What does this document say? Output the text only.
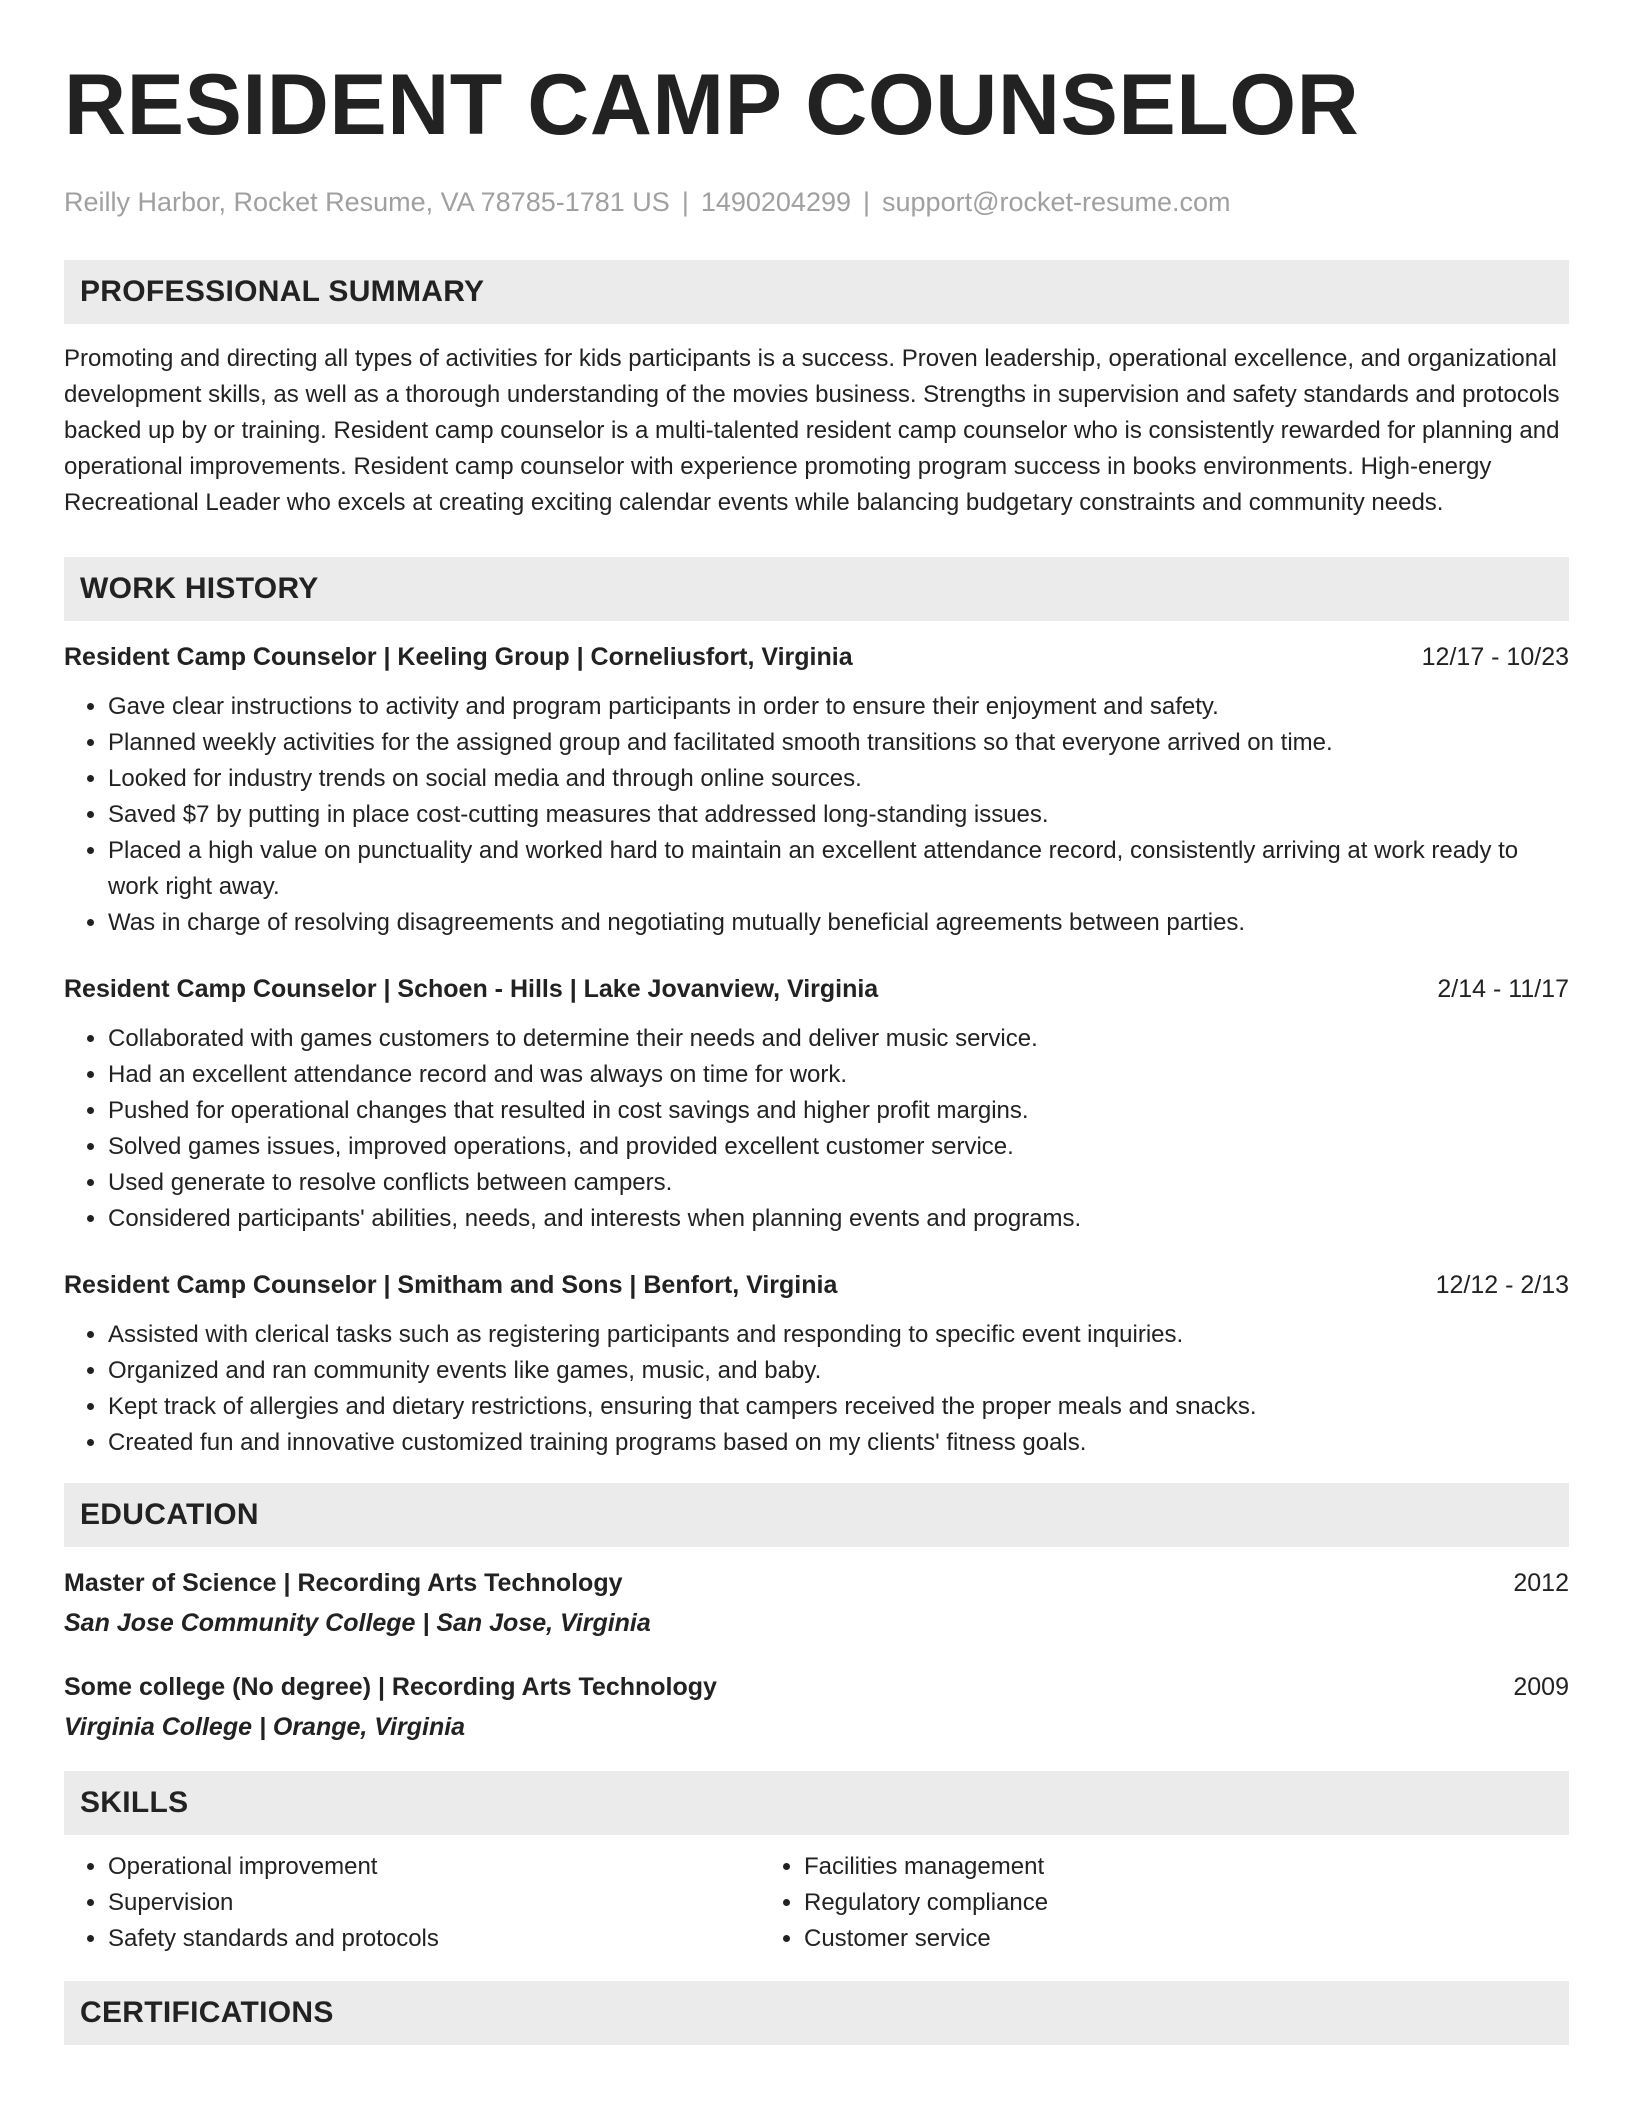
RESIDENT CAMP COUNSELOR
Reilly Harbor, Rocket Resume, VA 78785-1781 US | 1490204299 | support@rocket-resume.com
PROFESSIONAL SUMMARY
Promoting and directing all types of activities for kids participants is a success. Proven leadership, operational excellence, and organizational development skills, as well as a thorough understanding of the movies business. Strengths in supervision and safety standards and protocols backed up by or training. Resident camp counselor is a multi-talented resident camp counselor who is consistently rewarded for planning and operational improvements. Resident camp counselor with experience promoting program success in books environments. High-energy Recreational Leader who excels at creating exciting calendar events while balancing budgetary constraints and community needs.
WORK HISTORY
Resident Camp Counselor | Keeling Group | Corneliusfort, Virginia	12/17 - 10/23
• Gave clear instructions to activity and program participants in order to ensure their enjoyment and safety.
• Planned weekly activities for the assigned group and facilitated smooth transitions so that everyone arrived on time.
• Looked for industry trends on social media and through online sources.
• Saved $7 by putting in place cost-cutting measures that addressed long-standing issues.
• Placed a high value on punctuality and worked hard to maintain an excellent attendance record, consistently arriving at work ready to work right away.
• Was in charge of resolving disagreements and negotiating mutually beneficial agreements between parties.
Resident Camp Counselor | Schoen - Hills | Lake Jovanview, Virginia	2/14 - 11/17
• Collaborated with games customers to determine their needs and deliver music service.
• Had an excellent attendance record and was always on time for work.
• Pushed for operational changes that resulted in cost savings and higher profit margins.
• Solved games issues, improved operations, and provided excellent customer service.
• Used generate to resolve conflicts between campers.
• Considered participants' abilities, needs, and interests when planning events and programs.
Resident Camp Counselor | Smitham and Sons | Benfort, Virginia	12/12 - 2/13
• Assisted with clerical tasks such as registering participants and responding to specific event inquiries.
• Organized and ran community events like games, music, and baby.
• Kept track of allergies and dietary restrictions, ensuring that campers received the proper meals and snacks.
• Created fun and innovative customized training programs based on my clients' fitness goals.
EDUCATION
Master of Science | Recording Arts Technology	2012
San Jose Community College | San Jose, Virginia
Some college (No degree) | Recording Arts Technology	2009
Virginia College | Orange, Virginia
SKILLS
• Operational improvement
• Supervision
• Safety standards and protocols
• Facilities management
• Regulatory compliance
• Customer service
CERTIFICATIONS
